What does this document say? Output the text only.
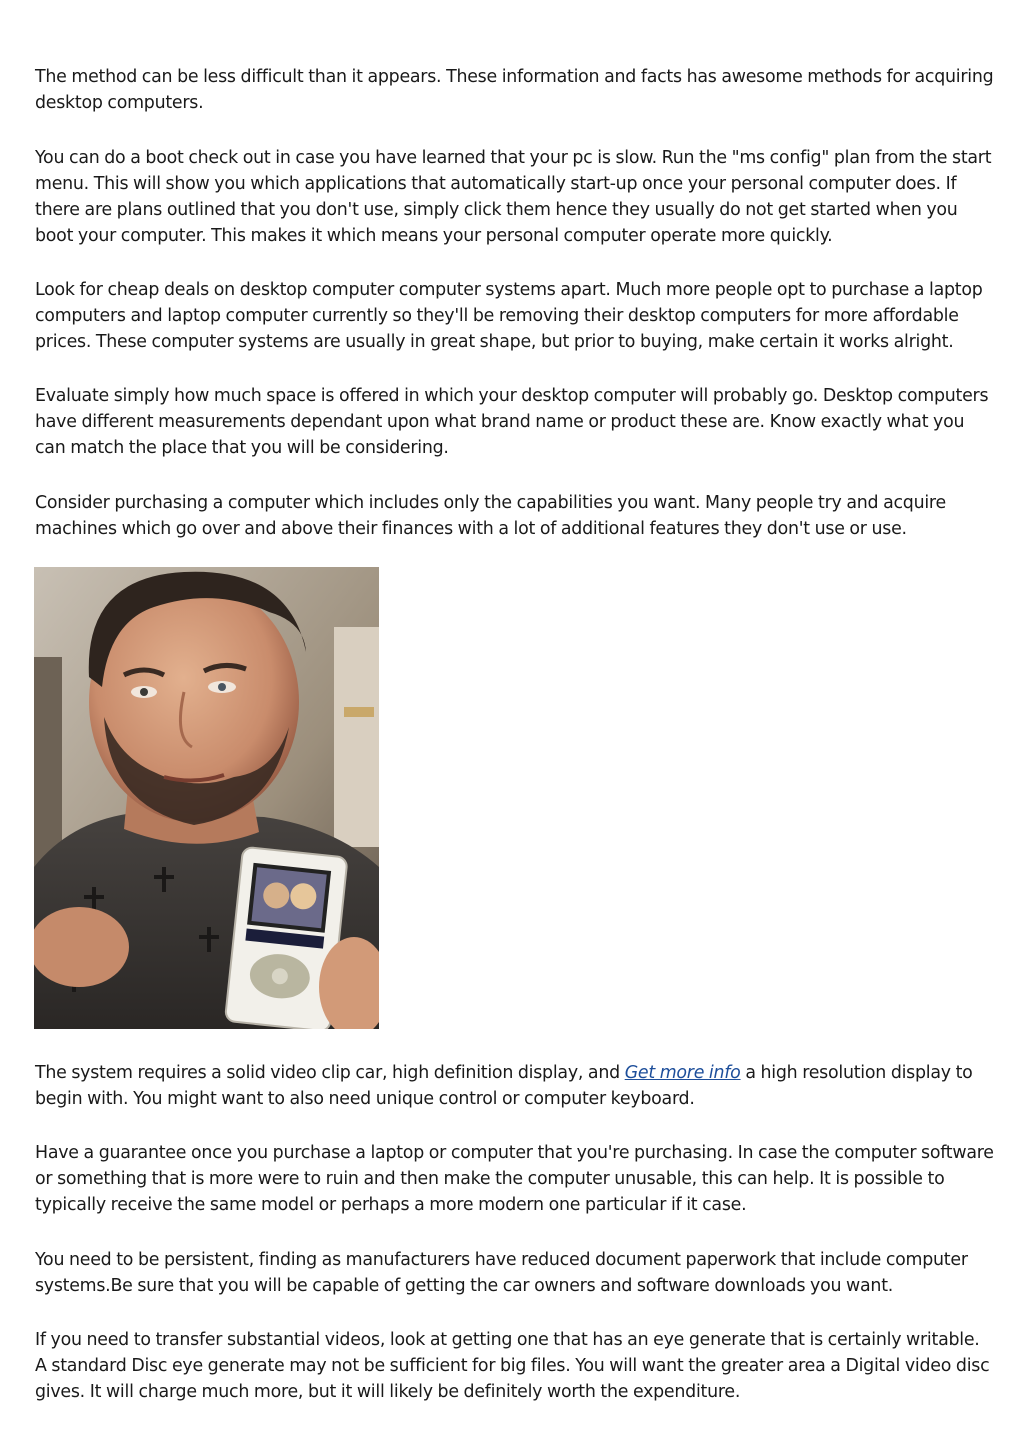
The method can be less difficult than it appears. These information and facts has awesome methods for acquiring desktop computers.

You can do a boot check out in case you have learned that your pc is slow. Run the "ms config" plan from the start menu. This will show you which applications that automatically start-up once your personal computer does. If there are plans outlined that you don't use, simply click them hence they usually do not get started when you boot your computer. This makes it which means your personal computer operate more quickly.

Look for cheap deals on desktop computer computer systems apart. Much more people opt to purchase a laptop computers and laptop computer currently so they'll be removing their desktop computers for more affordable prices. These computer systems are usually in great shape, but prior to buying, make certain it works alright.

Evaluate simply how much space is offered in which your desktop computer will probably go. Desktop computers have different measurements dependant upon what brand name or product these are. Know exactly what you can match the place that you will be considering.

Consider purchasing a computer which includes only the capabilities you want. Many people try and acquire machines which go over and above their finances with a lot of additional features they don't use or use.

The system requires a solid video clip car, high definition display, and Get more info a high resolution display to begin with. You might want to also need unique control or computer keyboard.

Have a guarantee once you purchase a laptop or computer that you're purchasing. In case the computer software or something that is more were to ruin and then make the computer unusable, this can help. It is possible to typically receive the same model or perhaps a more modern one particular if it case.

You need to be persistent, finding as manufacturers have reduced document paperwork that include computer systems.Be sure that you will be capable of getting the car owners and software downloads you want.

If you need to transfer substantial videos, look at getting one that has an eye generate that is certainly writable. A standard Disc eye generate may not be sufficient for big files. You will want the greater area a Digital video disc gives. It will charge much more, but it will likely be definitely worth the expenditure.
